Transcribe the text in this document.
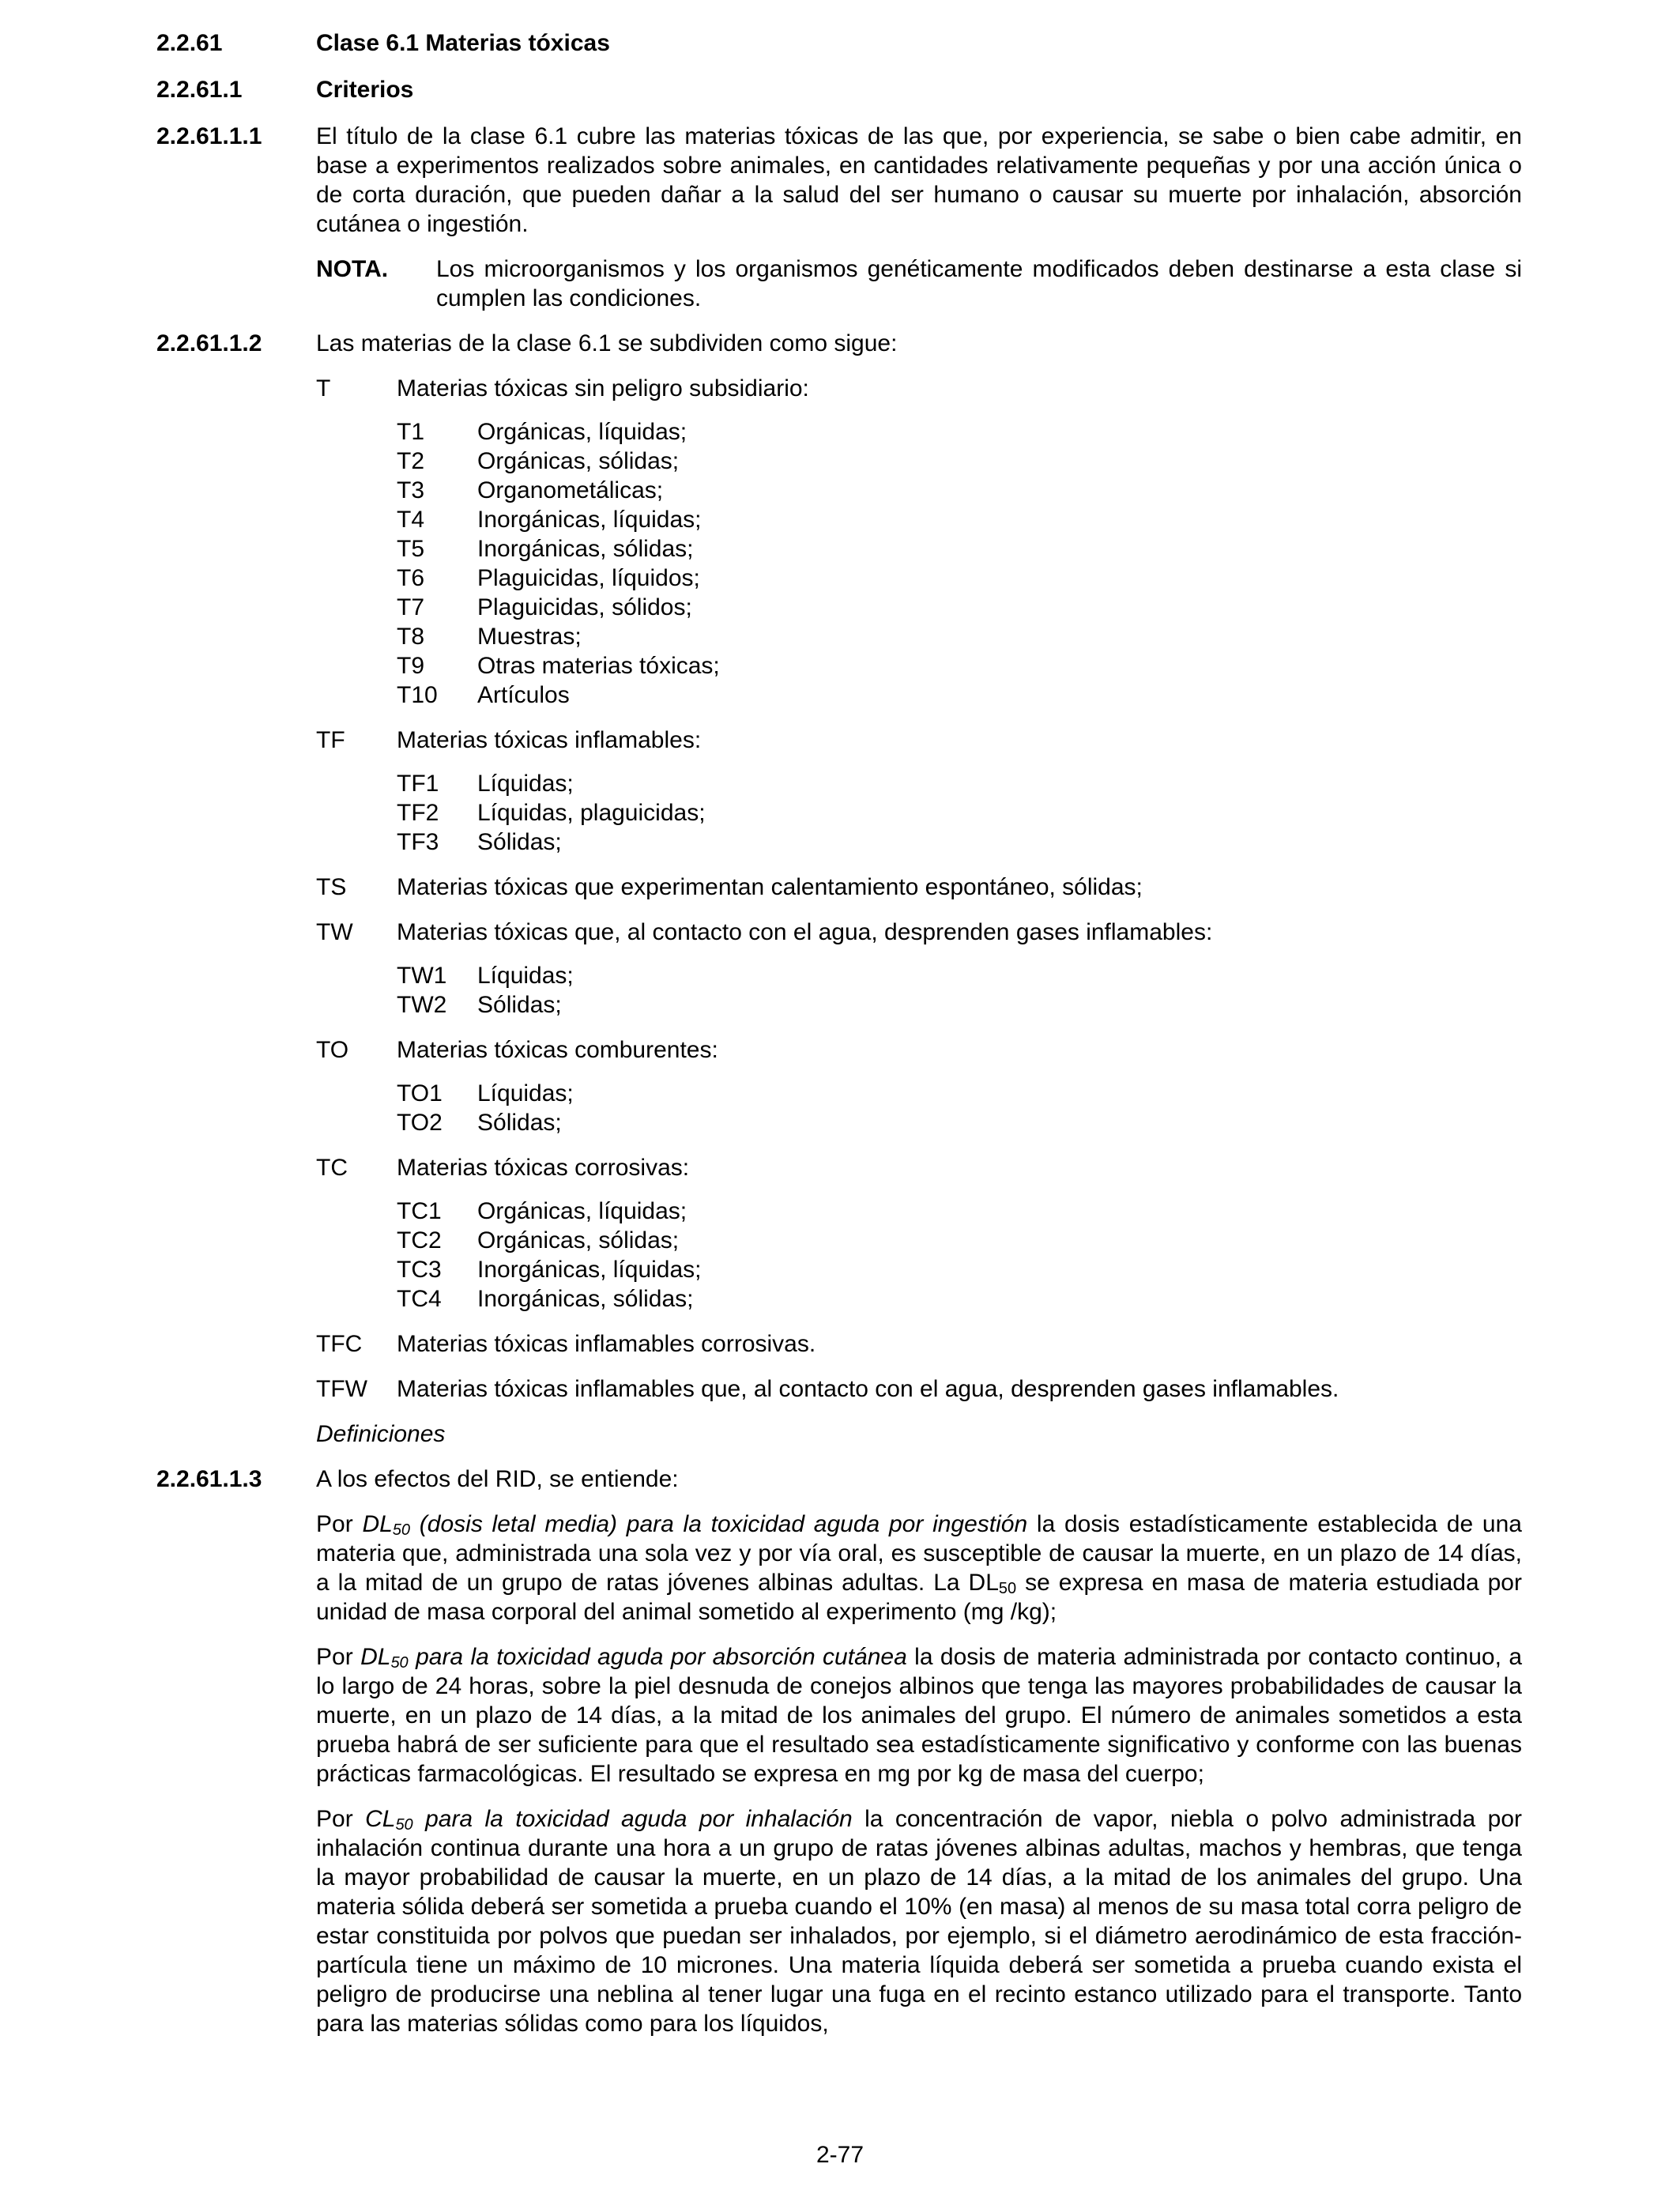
2.2.61	Clase 6.1 Materias tóxicas
2.2.61.1	Criterios
2.2.61.1.1 El título de la clase 6.1 cubre las materias tóxicas de las que, por experiencia, se sabe o bien cabe admitir, en base a experimentos realizados sobre animales, en cantidades relativamente pequeñas y por una acción única o de corta duración, que pueden dañar a la salud del ser humano o causar su muerte por inhalación, absorción cutánea o ingestión.
NOTA. Los microorganismos y los organismos genéticamente modificados deben destinarse a esta clase si cumplen las condiciones.
2.2.61.1.2 Las materias de la clase 6.1 se subdividen como sigue:
T	Materias tóxicas sin peligro subsidiario:
T1 Orgánicas, líquidas;
T2 Orgánicas, sólidas;
T3 Organometálicas;
T4 Inorgánicas, líquidas;
T5 Inorgánicas, sólidas;
T6 Plaguicidas, líquidos;
T7 Plaguicidas, sólidos;
T8 Muestras;
T9 Otras materias tóxicas;
T10 Artículos
TF Materias tóxicas inflamables:
TF1 Líquidas;
TF2 Líquidas, plaguicidas;
TF3 Sólidas;
TS Materias tóxicas que experimentan calentamiento espontáneo, sólidas;
TW Materias tóxicas que, al contacto con el agua, desprenden gases inflamables:
TW1 Líquidas;
TW2 Sólidas;
TO Materias tóxicas comburentes:
TO1 Líquidas;
TO2 Sólidas;
TC Materias tóxicas corrosivas:
TC1 Orgánicas, líquidas;
TC2 Orgánicas, sólidas;
TC3 Inorgánicas, líquidas;
TC4 Inorgánicas, sólidas;
TFC Materias tóxicas inflamables corrosivas.
TFW Materias tóxicas inflamables que, al contacto con el agua, desprenden gases inflamables.
Definiciones
2.2.61.1.3 A los efectos del RID, se entiende:
Por $DL_{50}$ (dosis letal media) para la toxicidad aguda por ingestión la dosis estadísticamente establecida de una materia que, administrada una sola vez y por vía oral, es susceptible de causar la muerte, en un plazo de 14 días, a la mitad de un grupo de ratas jóvenes albinas adultas. La $DL_{50}$ se expresa en masa de materia estudiada por unidad de masa corporal del animal sometido al experimento (mg /kg);
Por $DL_{50}$ para la toxicidad aguda por absorción cutánea la dosis de materia administrada por contacto continuo, a lo largo de 24 horas, sobre la piel desnuda de conejos albinos que tenga las mayores probabilidades de causar la muerte, en un plazo de 14 días, a la mitad de los animales del grupo. El número de animales sometidos a esta prueba habrá de ser suficiente para que el resultado sea estadísticamente significativo y conforme con las buenas prácticas farmacológicas. El resultado se expresa en mg por kg de masa del cuerpo;
Por $CL_{50}$ para la toxicidad aguda por inhalación la concentración de vapor, niebla o polvo administrada por inhalación continua durante una hora a un grupo de ratas jóvenes albinas adultas, machos y hembras, que tenga la mayor probabilidad de causar la muerte, en un plazo de 14 días, a la mitad de los animales del grupo. Una materia sólida deberá ser sometida a prueba cuando el 10% (en masa) al menos de su masa total corra peligro de estar constituida por polvos que puedan ser inhalados, por ejemplo, si el diámetro aerodinámico de esta fracción-partícula tiene un máximo de 10 micrones. Una materia líquida deberá ser sometida a prueba cuando exista el peligro de producirse una neblina al tener lugar una fuga en el recinto estanco utilizado para el transporte. Tanto para las materias sólidas como para los líquidos,
2-77
